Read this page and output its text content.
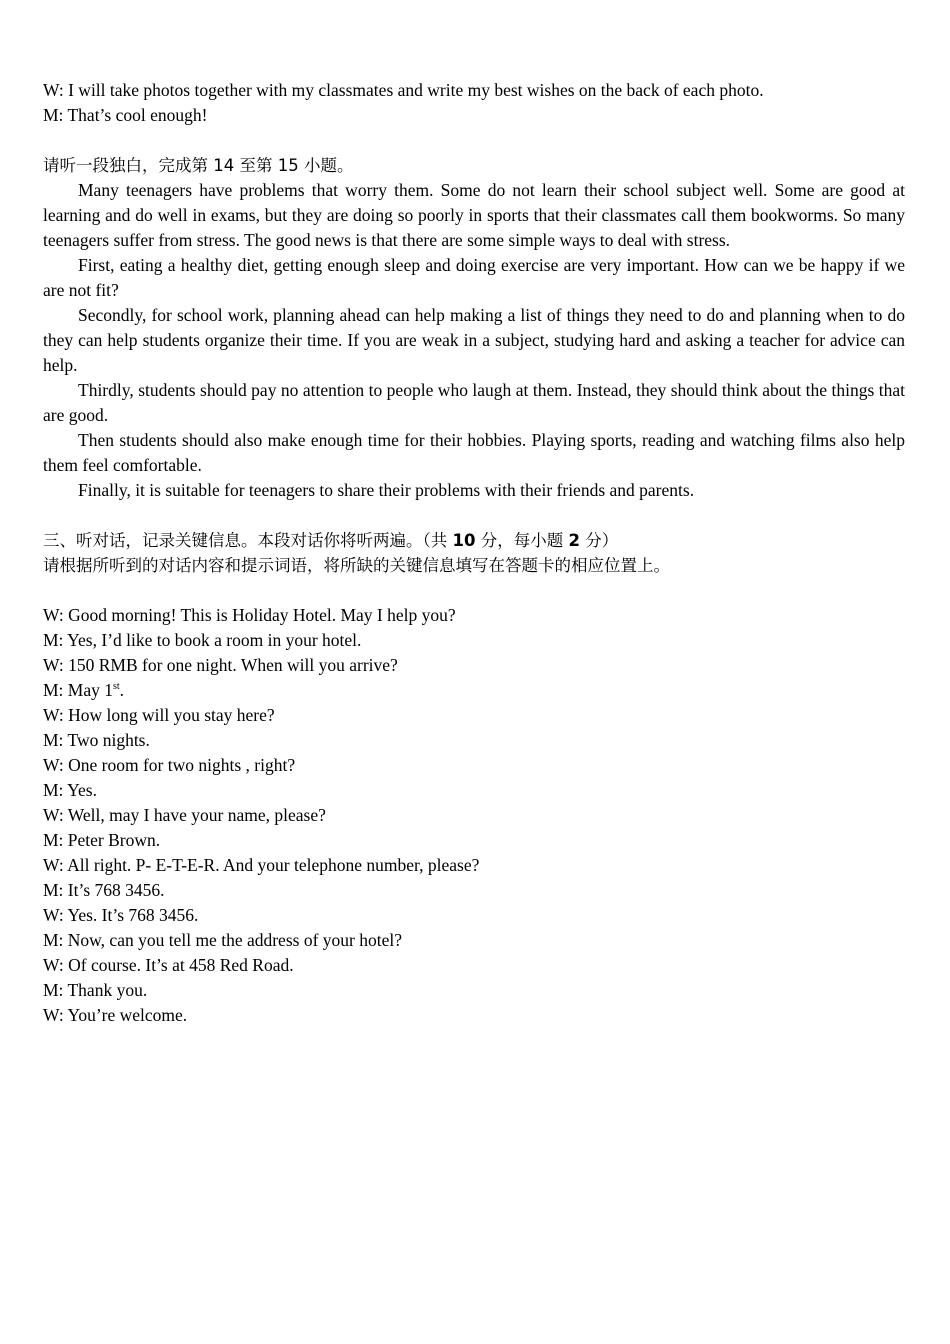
W: I will take photos together with my classmates and write my best wishes on the back of each photo.
M: That’s cool enough!
请听一段独白，完成第 14 至第 15 小题。

Many teenagers have problems that worry them. Some do not learn their school subject well. Some are good at learning and do well in exams, but they are doing so poorly in sports that their classmates call them bookworms. So many teenagers suffer from stress. The good news is that there are some simple ways to deal with stress.

First, eating a healthy diet, getting enough sleep and doing exercise are very important. How can we be happy if we are not fit?

Secondly, for school work, planning ahead can help making a list of things they need to do and planning when to do they can help students organize their time. If you are weak in a subject, studying hard and asking a teacher for advice can help.

Thirdly, students should pay no attention to people who laugh at them. Instead, they should think about the things that are good.

Then students should also make enough time for their hobbies. Playing sports, reading and watching films also help them feel comfortable.

Finally, it is suitable for teenagers to share their problems with their friends and parents.

三、听对话，记录关键信息。本段对话你将听两遍。（共 10 分，每小题 2 分）
请根据所听到的对话内容和提示词语，将所缺的关键信息填写在答题卡的相应位置上。
W: Good morning! This is Holiday Hotel. May I help you?
M: Yes, I’d like to book a room in your hotel.
W: 150 RMB for one night. When will you arrive?
M: May 1st.
W: How long will you stay here?
M: Two nights.
W: One room for two nights , right?
M: Yes.
W: Well, may I have your name, please?
M: Peter Brown.
W: All right. P- E-T-E-R. And your telephone number, please?
M: It’s 768 3456.
W: Yes. It’s 768 3456.
M: Now, can you tell me the address of your hotel?
W: Of course. It’s at 458 Red Road.
M: Thank you.
W: You’re welcome.
